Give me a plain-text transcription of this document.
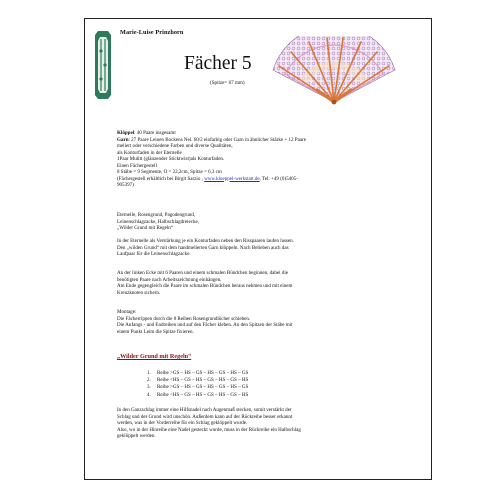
Marie-Luise Prinzhorn
Fächer 5
(Spitze= 67 mm)

Klöppel: 40 Paare insgesamt

Garn: 27 Paare Leinen Bockens Nel. 60/2 einfarbig oder Garn in ähnlicher Stärke + 12 Paare

meliert oder verschiedene Farben und diverse Qualitäten,

als Konturfaden in der Eternelle

1Paar Mulitt (glänzender Sticktwist)als Konturfaden.

Einen Fächergestell

8 Stäbe = 9 Segmente, O = 22,2cm, Spitze = 6,3 cm

(Fächergestell erhältlich bei Birgit Sarzio , www.kloeppel-werkstatt.de, Tel: +49 (0)5405-

905397)

Eternelle, Rosengrund, Pagodengrund,

Leinenschlagzacke, Halbschlagdreiecke,

„Wilder Grund mit Regeln“

In der Eternelle als Verstärkung je ein Konturfaden neben den Risspaaren laufen lassen.

Den „wilden Grund“ mit dem handmelierten Garn klöppeln. Nach Belieben auch das

Laufpaar für die Leinenschlagzacke.

An der linken Ecke mit 6 Paaren und einem schmalen Bündchen beginnen, dabei die

benötigten Paare nach Arbeitszeichnung einhängen.

Am Ende gegengleich die Paare im schmalen Bündchen heraus nehmen und mit einem

Kreuzknoten sichern.

Montage:

Die Fächerrippen durch die 8 Reihen Rosengrundlöcher schieben.

Die Anfangs - und Endreihen und auf den Fächer kleben. An den Spitzen der Stäbe mit

einem Punkt Leim die Spitze fixieren.

„Wilder Grund mit Regeln“
1. Reihe >GS – HS – GS – HS – GS – HS – GS
2. Reihe <HS – GS – HS – GS – HS – GS – HS
3. Reihe >GS – HS – GS – HS – GS – HS – GS
4. Reihe <HS – GS – HS – GS – HS – GS – HS

In den Ganzschlag immer eine Hilfsnadel nach Augenmaß stecken, somit verstärkt der

Schlag und der Grund wird unschön. Außerdem kann auf der Rückreihe besser erkannt

werden, was in der Vorderreihe für ein Schlag geklöppelt wurde.

Also, wo in der Hinreihe eine Nadel gesteckt wurde, muss in der Rückreihe ein Halbschlag

geklöppelt werden.
